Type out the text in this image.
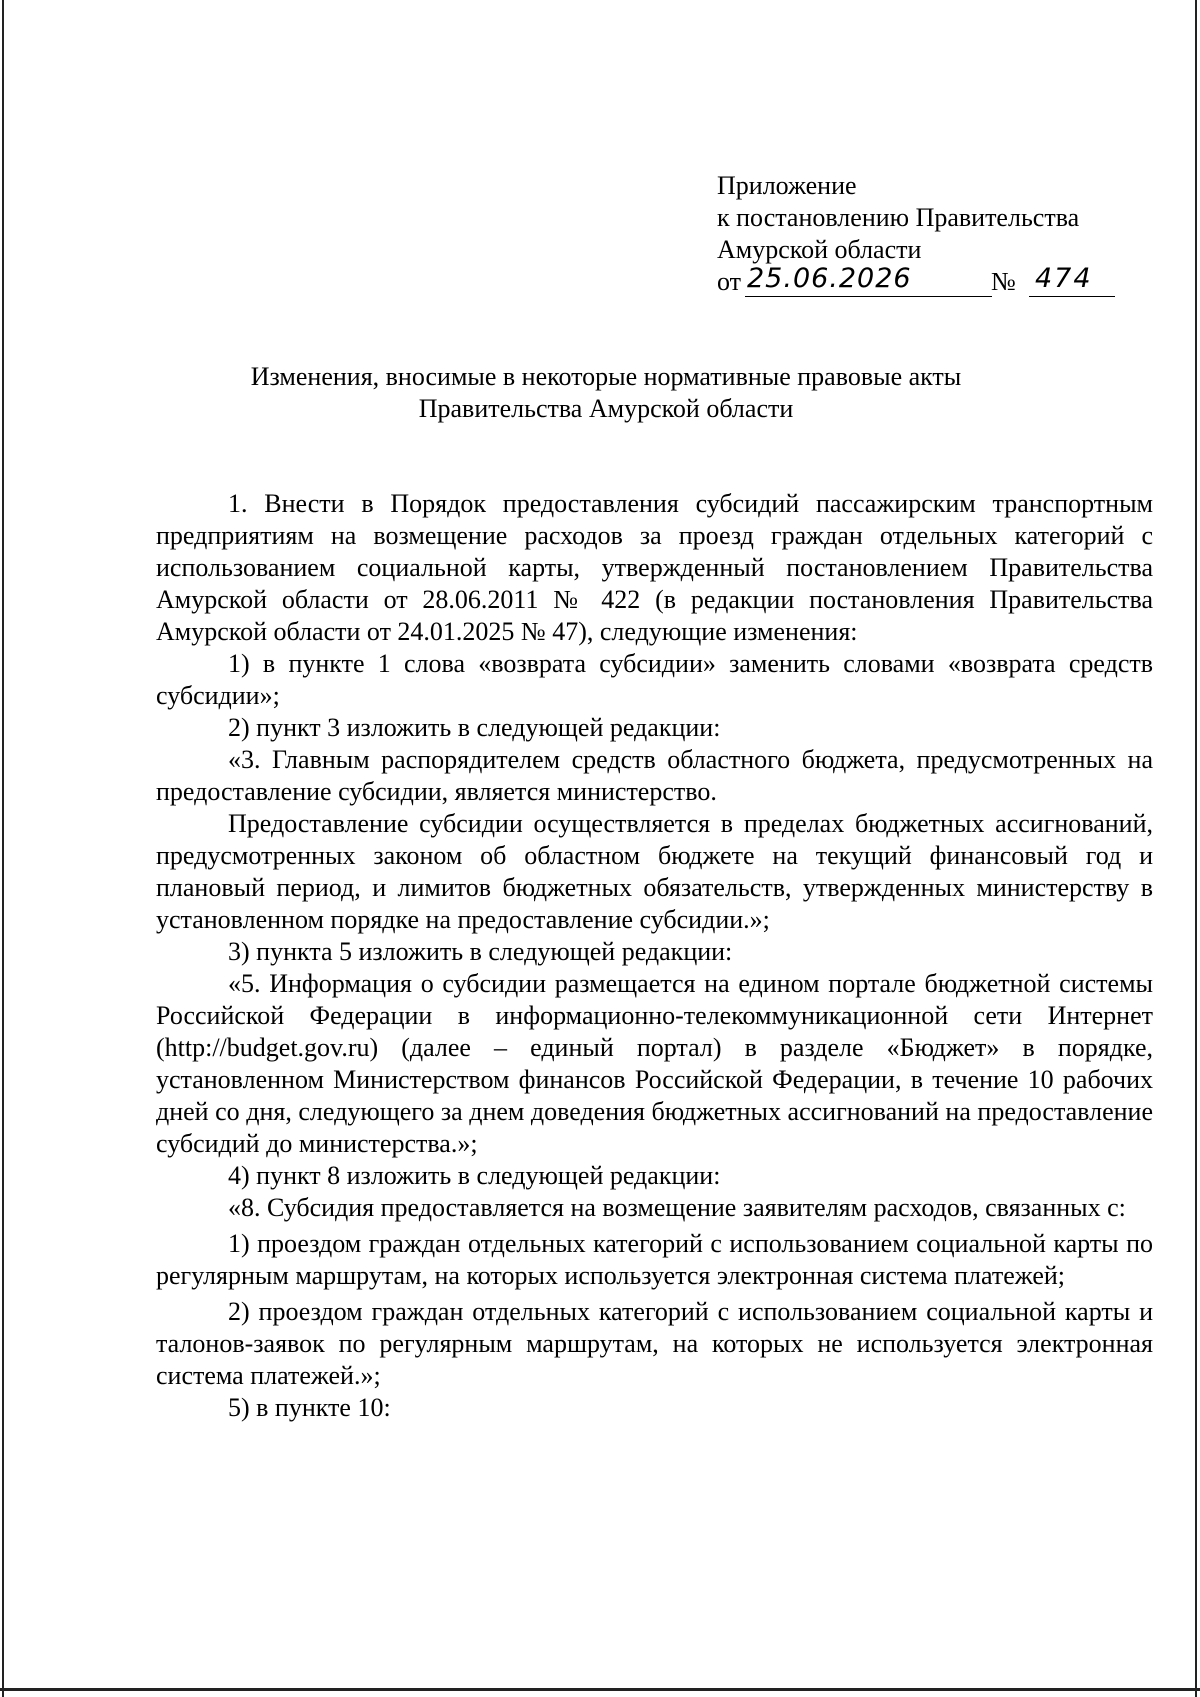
Приложение
к постановлению Правительства
Амурской области
от 25.06.2026	№ 474
Изменения, вносимые в некоторые нормативные правовые акты
Правительства Амурской области

1. Внести в Порядок предоставления субсидий пассажирским транспортным предприятиям на возмещение расходов за проезд граждан отдельных категорий с использованием социальной карты, утвержденный постановлением Правительства Амурской области от 28.06.2011 № 422 (в редакции постановления Правительства Амурской области от 24.01.2025 № 47), следующие изменения:

1) в пункте 1 слова «возврата субсидии» заменить словами «возврата средств субсидии»;

2) пункт 3 изложить в следующей редакции:

«3. Главным распорядителем средств областного бюджета, предусмотренных на предоставление субсидии, является министерство.

Предоставление субсидии осуществляется в пределах бюджетных ассигнований, предусмотренных законом об областном бюджете на текущий финансовый год и плановый период, и лимитов бюджетных обязательств, утвержденных министерству в установленном порядке на предоставление субсидии.»;

3) пункта 5 изложить в следующей редакции:

«5. Информация о субсидии размещается на едином портале бюджетной системы Российской Федерации в информационно-телекоммуникационной сети Интернет (http://budget.gov.ru) (далее – единый портал) в разделе «Бюджет» в порядке, установленном Министерством финансов Российской Федерации, в течение 10 рабочих дней со дня, следующего за днем доведения бюджетных ассигнований на предоставление субсидий до министерства.»;

4) пункт 8 изложить в следующей редакции:

«8. Субсидия предоставляется на возмещение заявителям расходов, связанных с:

1) проездом граждан отдельных категорий с использованием социальной карты по регулярным маршрутам, на которых используется электронная система платежей;

2) проездом граждан отдельных категорий с использованием социальной карты и талонов-заявок по регулярным маршрутам, на которых не используется электронная система платежей.»;

5) в пункте 10:
